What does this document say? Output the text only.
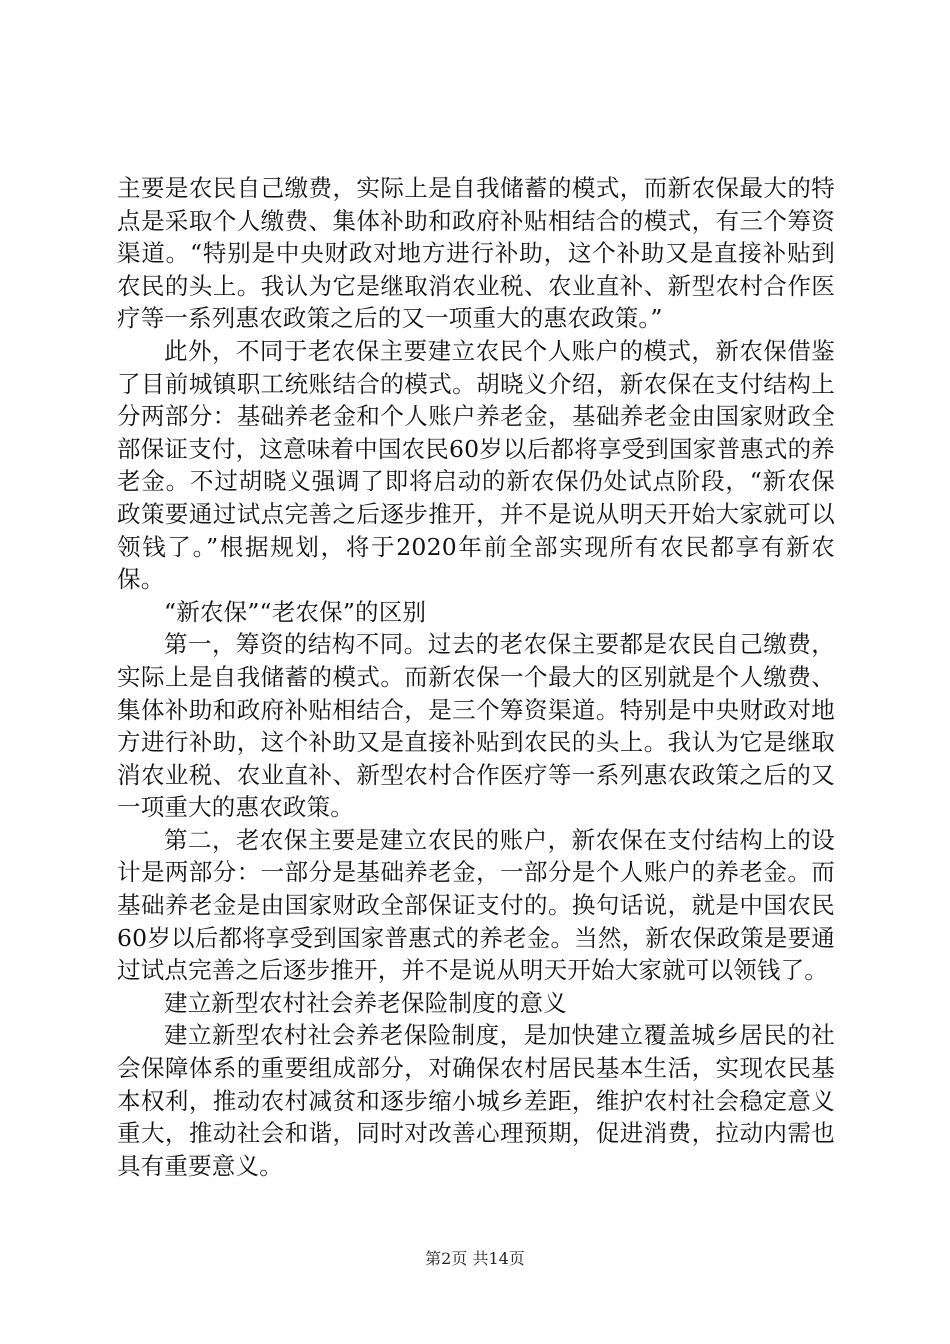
主要是农民自己缴费，实际上是自我储蓄的模式，而新农保最大的特点是采取个人缴费、集体补助和政府补贴相结合的模式，有三个筹资渠道。“特别是中央财政对地方进行补助，这个补助又是直接补贴到农民的头上。我认为它是继取消农业税、农业直补、新型农村合作医疗等一系列惠农政策之后的又一项重大的惠农政策。”

此外，不同于老农保主要建立农民个人账户的模式，新农保借鉴了目前城镇职工统账结合的模式。胡晓义介绍，新农保在支付结构上分两部分：基础养老金和个人账户养老金，基础养老金由国家财政全部保证支付，这意味着中国农民60岁以后都将享受到国家普惠式的养老金。不过胡晓义强调了即将启动的新农保仍处试点阶段，“新农保政策要通过试点完善之后逐步推开，并不是说从明天开始大家就可以领钱了。”根据规划，将于2020年前全部实现所有农民都享有新农保。

“新农保”“老农保”的区别

第一，筹资的结构不同。过去的老农保主要都是农民自己缴费，实际上是自我储蓄的模式。而新农保一个最大的区别就是个人缴费、集体补助和政府补贴相结合，是三个筹资渠道。特别是中央财政对地方进行补助，这个补助又是直接补贴到农民的头上。我认为它是继取消农业税、农业直补、新型农村合作医疗等一系列惠农政策之后的又一项重大的惠农政策。

第二，老农保主要是建立农民的账户，新农保在支付结构上的设计是两部分：一部分是基础养老金，一部分是个人账户的养老金。而基础养老金是由国家财政全部保证支付的。换句话说，就是中国农民60岁以后都将享受到国家普惠式的养老金。当然，新农保政策是要通过试点完善之后逐步推开，并不是说从明天开始大家就可以领钱了。

建立新型农村社会养老保险制度的意义

建立新型农村社会养老保险制度，是加快建立覆盖城乡居民的社会保障体系的重要组成部分，对确保农村居民基本生活，实现农民基本权利，推动农村减贫和逐步缩小城乡差距，维护农村社会稳定意义重大，推动社会和谐，同时对改善心理预期，促进消费，拉动内需也具有重要意义。

第2页 共14页
